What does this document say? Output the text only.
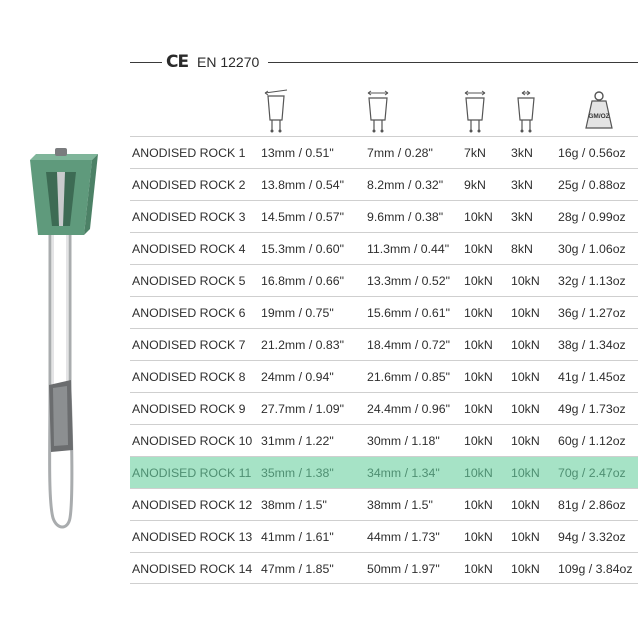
CE EN 12270
GM/OZ
ANODISED ROCK 1 13mm / 0.51"	7mm / 0.28"	7kN 3kN 16g / 0.56oz
ANODISED ROCK 2 13.8mm / 0.54" 8.2mm / 0.32" 9kN 3kN 25g / 0.88oz
ANODISED ROCK 3 14.5mm / 0.57" 9.6mm / 0.38" 10kN 3kN 28g / 0.99oz
ANODISED ROCK 4 15.3mm / 0.60" 11.3mm / 0.44" 10kN 8kN 30g / 1.06oz
ANODISED ROCK 5 16.8mm / 0.66" 13.3mm / 0.52" 10kN 10kN 32g / 1.13oz
ANODISED ROCK 6 19mm / 0.75"	15.6mm / 0.61" 10kN 10kN 36g / 1.27oz
ANODISED ROCK 7 21.2mm / 0.83" 18.4mm / 0.72" 10kN 10kN 38g / 1.34oz
ANODISED ROCK 8 24mm / 0.94"	21.6mm / 0.85" 10kN 10kN 41g / 1.45oz
ANODISED ROCK 9 27.7mm / 1.09" 24.4mm / 0.96" 10kN 10kN 49g / 1.73oz
ANODISED ROCK 10 31mm / 1.22"	30mm / 1.18" 10kN 10kN 60g / 1.12oz
ANODISED ROCK 11 35mm / 1.38"	34mm / 1.34" 10kN 10kN 70g / 2.47oz
ANODISED ROCK 12 38mm / 1.5"	38mm / 1.5"	10kN 10kN 81g / 2.86oz
ANODISED ROCK 13 41mm / 1.61"	44mm / 1.73" 10kN 10kN 94g / 3.32oz
ANODISED ROCK 14 47mm / 1.85"	50mm / 1.97" 10kN 10kN 109g / 3.84oz
